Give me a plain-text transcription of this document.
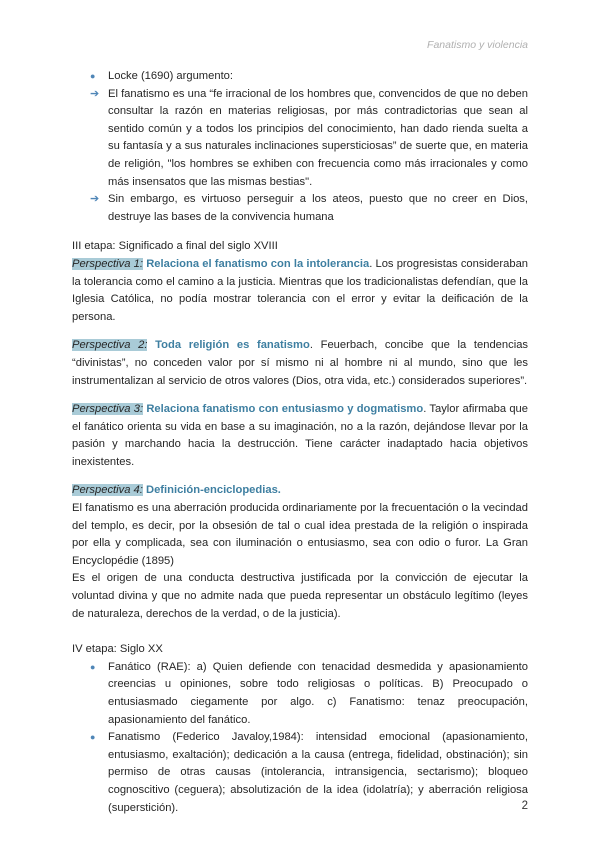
Fanatismo y violencia
● Locke (1690) argumento:
➔ El fanatismo es una “fe irracional de los hombres que, convencidos de que no deben consultar la razón en materias religiosas, por más contradictorias que sean al sentido común y a todos los principios del conocimiento, han dado rienda suelta a su fantasía y a sus naturales inclinaciones supersticiosas” de suerte que, en materia de religión, "los hombres se exhiben con frecuencia como más irracionales y como más insensatos que las mismas bestias".
➔ Sin embargo, es virtuoso perseguir a los ateos, puesto que no creer en Dios, destruye las bases de la convivencia humana

III etapa: Significado a final del siglo XVIII

Perspectiva 1: Relaciona el fanatismo con la intolerancia. Los progresistas consideraban la tolerancia como el camino a la justicia. Mientras que los tradicionalistas defendían, que la Iglesia Católica, no podía mostrar tolerancia con el error y evitar la deificación de la persona.

Perspectiva 2: Toda religión es fanatismo. Feuerbach, concibe que la tendencias “divinistas”, no conceden valor por sí mismo ni al hombre ni al mundo, sino que les instrumentalizan al servicio de otros valores (Dios, otra vida, etc.) considerados superiores”.

Perspectiva 3: Relaciona fanatismo con entusiasmo y dogmatismo. Taylor afirmaba que el fanático orienta su vida en base a su imaginación, no a la razón, dejándose llevar por la pasión y marchando hacia la destrucción. Tiene carácter inadaptado hacia objetivos inexistentes.

Perspectiva 4: Definición-enciclopedias.

El fanatismo es una aberración producida ordinariamente por la frecuentación o la vecindad del templo, es decir, por la obsesión de tal o cual idea prestada de la religión o inspirada por ella y complicada, sea con iluminación o entusiasmo, sea con odio o furor. La Gran Encyclopédie (1895)

Es el origen de una conducta destructiva justificada por la convicción de ejecutar la voluntad divina y que no admite nada que pueda representar un obstáculo legítimo (leyes de naturaleza, derechos de la verdad, o de la justicia).

IV etapa: Siglo XX

● Fanático (RAE): a) Quien defiende con tenacidad desmedida y apasionamiento creencias u opiniones, sobre todo religiosas o políticas. B) Preocupado o entusiasmado ciegamente por algo. c) Fanatismo: tenaz preocupación, apasionamiento del fanático.
● Fanatismo (Federico Javaloy,1984): intensidad emocional (apasionamiento, entusiasmo, exaltación); dedicación a la causa (entrega, fidelidad, obstinación); sin permiso de otras causas (intolerancia, intransigencia, sectarismo); bloqueo cognoscitivo (ceguera); absolutización de la idea (idolatría); y aberración religiosa (superstición).	2
